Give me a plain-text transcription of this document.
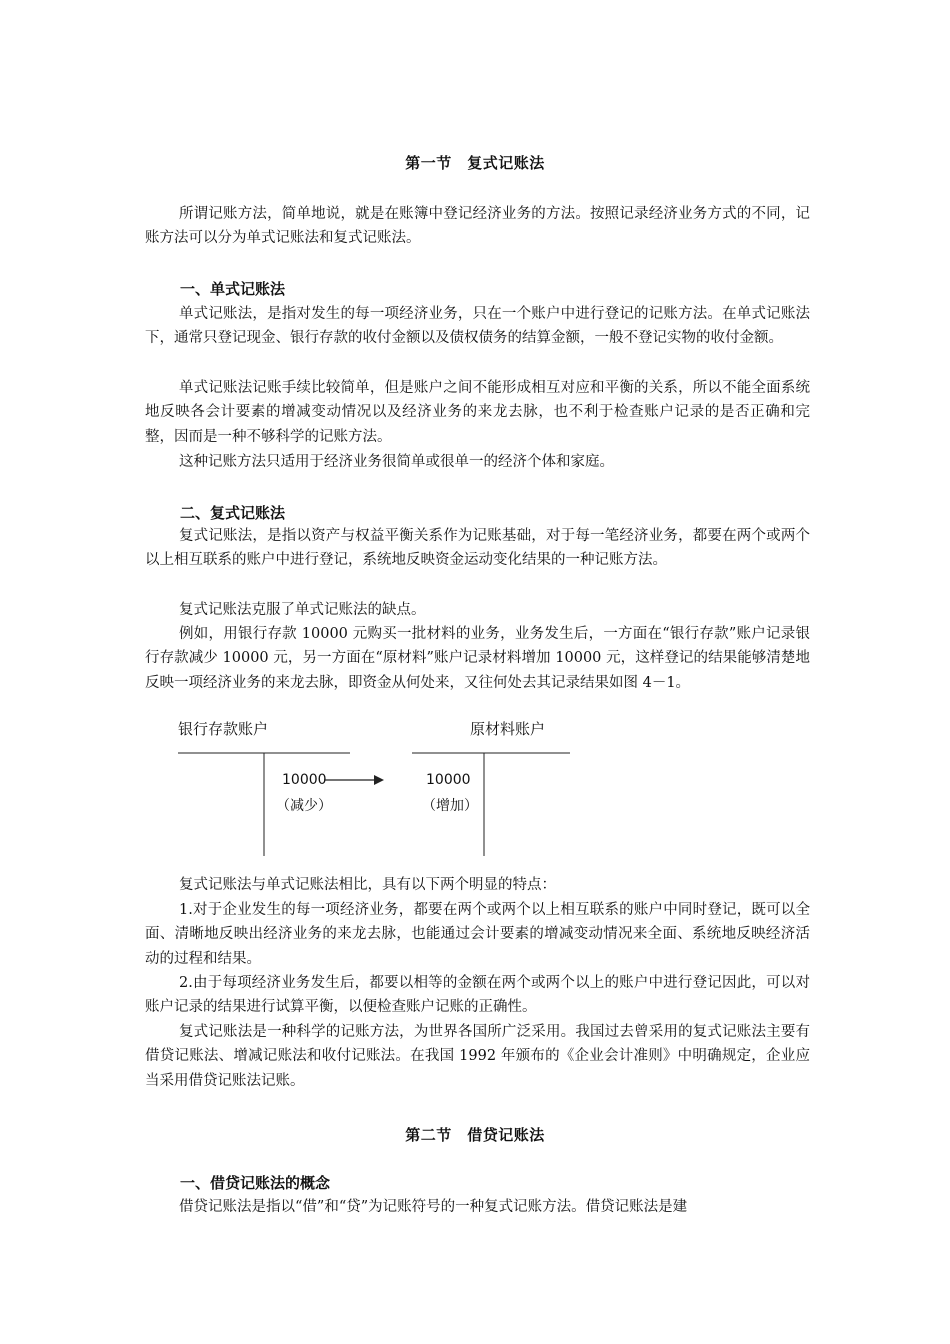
第一节　复式记账法

所谓记账方法，简单地说，就是在账簿中登记经济业务的方法。按照记录经济业务方式的不同，记账方法可以分为单式记账法和复式记账法。

一、单式记账法

单式记账法，是指对发生的每一项经济业务，只在一个账户中进行登记的记账方法。在单式记账法下，通常只登记现金、银行存款的收付金额以及债权债务的结算金额，一般不登记实物的收付金额。

单式记账法记账手续比较简单，但是账户之间不能形成相互对应和平衡的关系，所以不能全面系统地反映各会计要素的增减变动情况以及经济业务的来龙去脉，也不利于检查账户记录的是否正确和完整，因而是一种不够科学的记账方法。

这种记账方法只适用于经济业务很简单或很单一的经济个体和家庭。

二、复式记账法

复式记账法，是指以资产与权益平衡关系作为记账基础，对于每一笔经济业务，都要在两个或两个以上相互联系的账户中进行登记，系统地反映资金运动变化结果的一种记账方法。

复式记账法克服了单式记账法的缺点。

例如，用银行存款 10000 元购买一批材料的业务，业务发生后，一方面在“银行存款”账户记录银行存款减少 10000 元，另一方面在“原材料”账户记录材料增加 10000 元，这样登记的结果能够清楚地反映一项经济业务的来龙去脉，即资金从何处来，又往何处去其记录结果如图 4－1。

银行存款账户	原材料账户
10000	10000
（减少）	（增加）

复式记账法与单式记账法相比，具有以下两个明显的特点：

1.对于企业发生的每一项经济业务，都要在两个或两个以上相互联系的账户中同时登记，既可以全面、清晰地反映出经济业务的来龙去脉，也能通过会计要素的增减变动情况来全面、系统地反映经济活动的过程和结果。

2.由于每项经济业务发生后，都要以相等的金额在两个或两个以上的账户中进行登记因此，可以对账户记录的结果进行试算平衡，以便检查账户记账的正确性。

复式记账法是一种科学的记账方法，为世界各国所广泛采用。我国过去曾采用的复式记账法主要有借贷记账法、增减记账法和收付记账法。在我国 1992 年颁布的《企业会计准则》中明确规定，企业应当采用借贷记账法记账。

第二节　借贷记账法
一、借贷记账法的概念

借贷记账法是指以“借”和“贷”为记账符号的一种复式记账方法。借贷记账法是建
